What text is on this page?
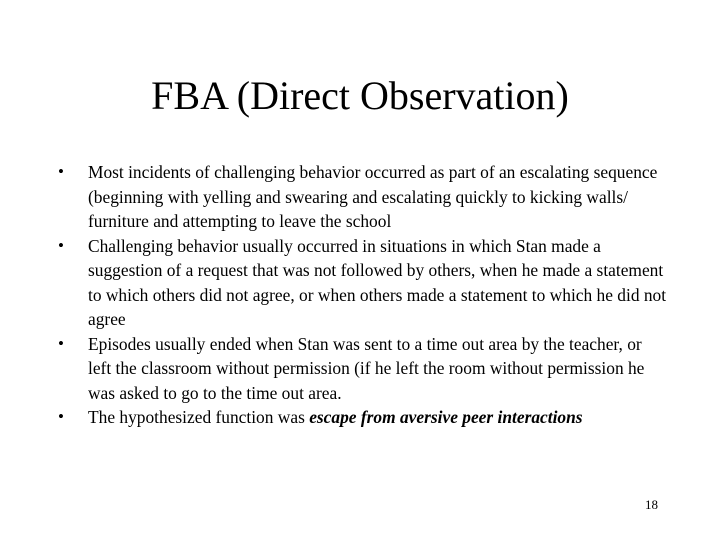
FBA (Direct Observation)
•	Most incidents of challenging behavior occurred as part of an escalating sequence (beginning with yelling and swearing and escalating quickly to kicking walls/ furniture and attempting to leave the school
•	Challenging behavior usually occurred in situations in which Stan made a suggestion of a request that was not followed by others, when he made a statement to which others did not agree, or when others made a statement to which he did not agree
•	Episodes usually ended when Stan was sent to a time out area by the teacher, or left the classroom without permission (if he left the room without permission he was asked to go to the time out area.
•	The hypothesized function was escape from aversive peer interactions
18
